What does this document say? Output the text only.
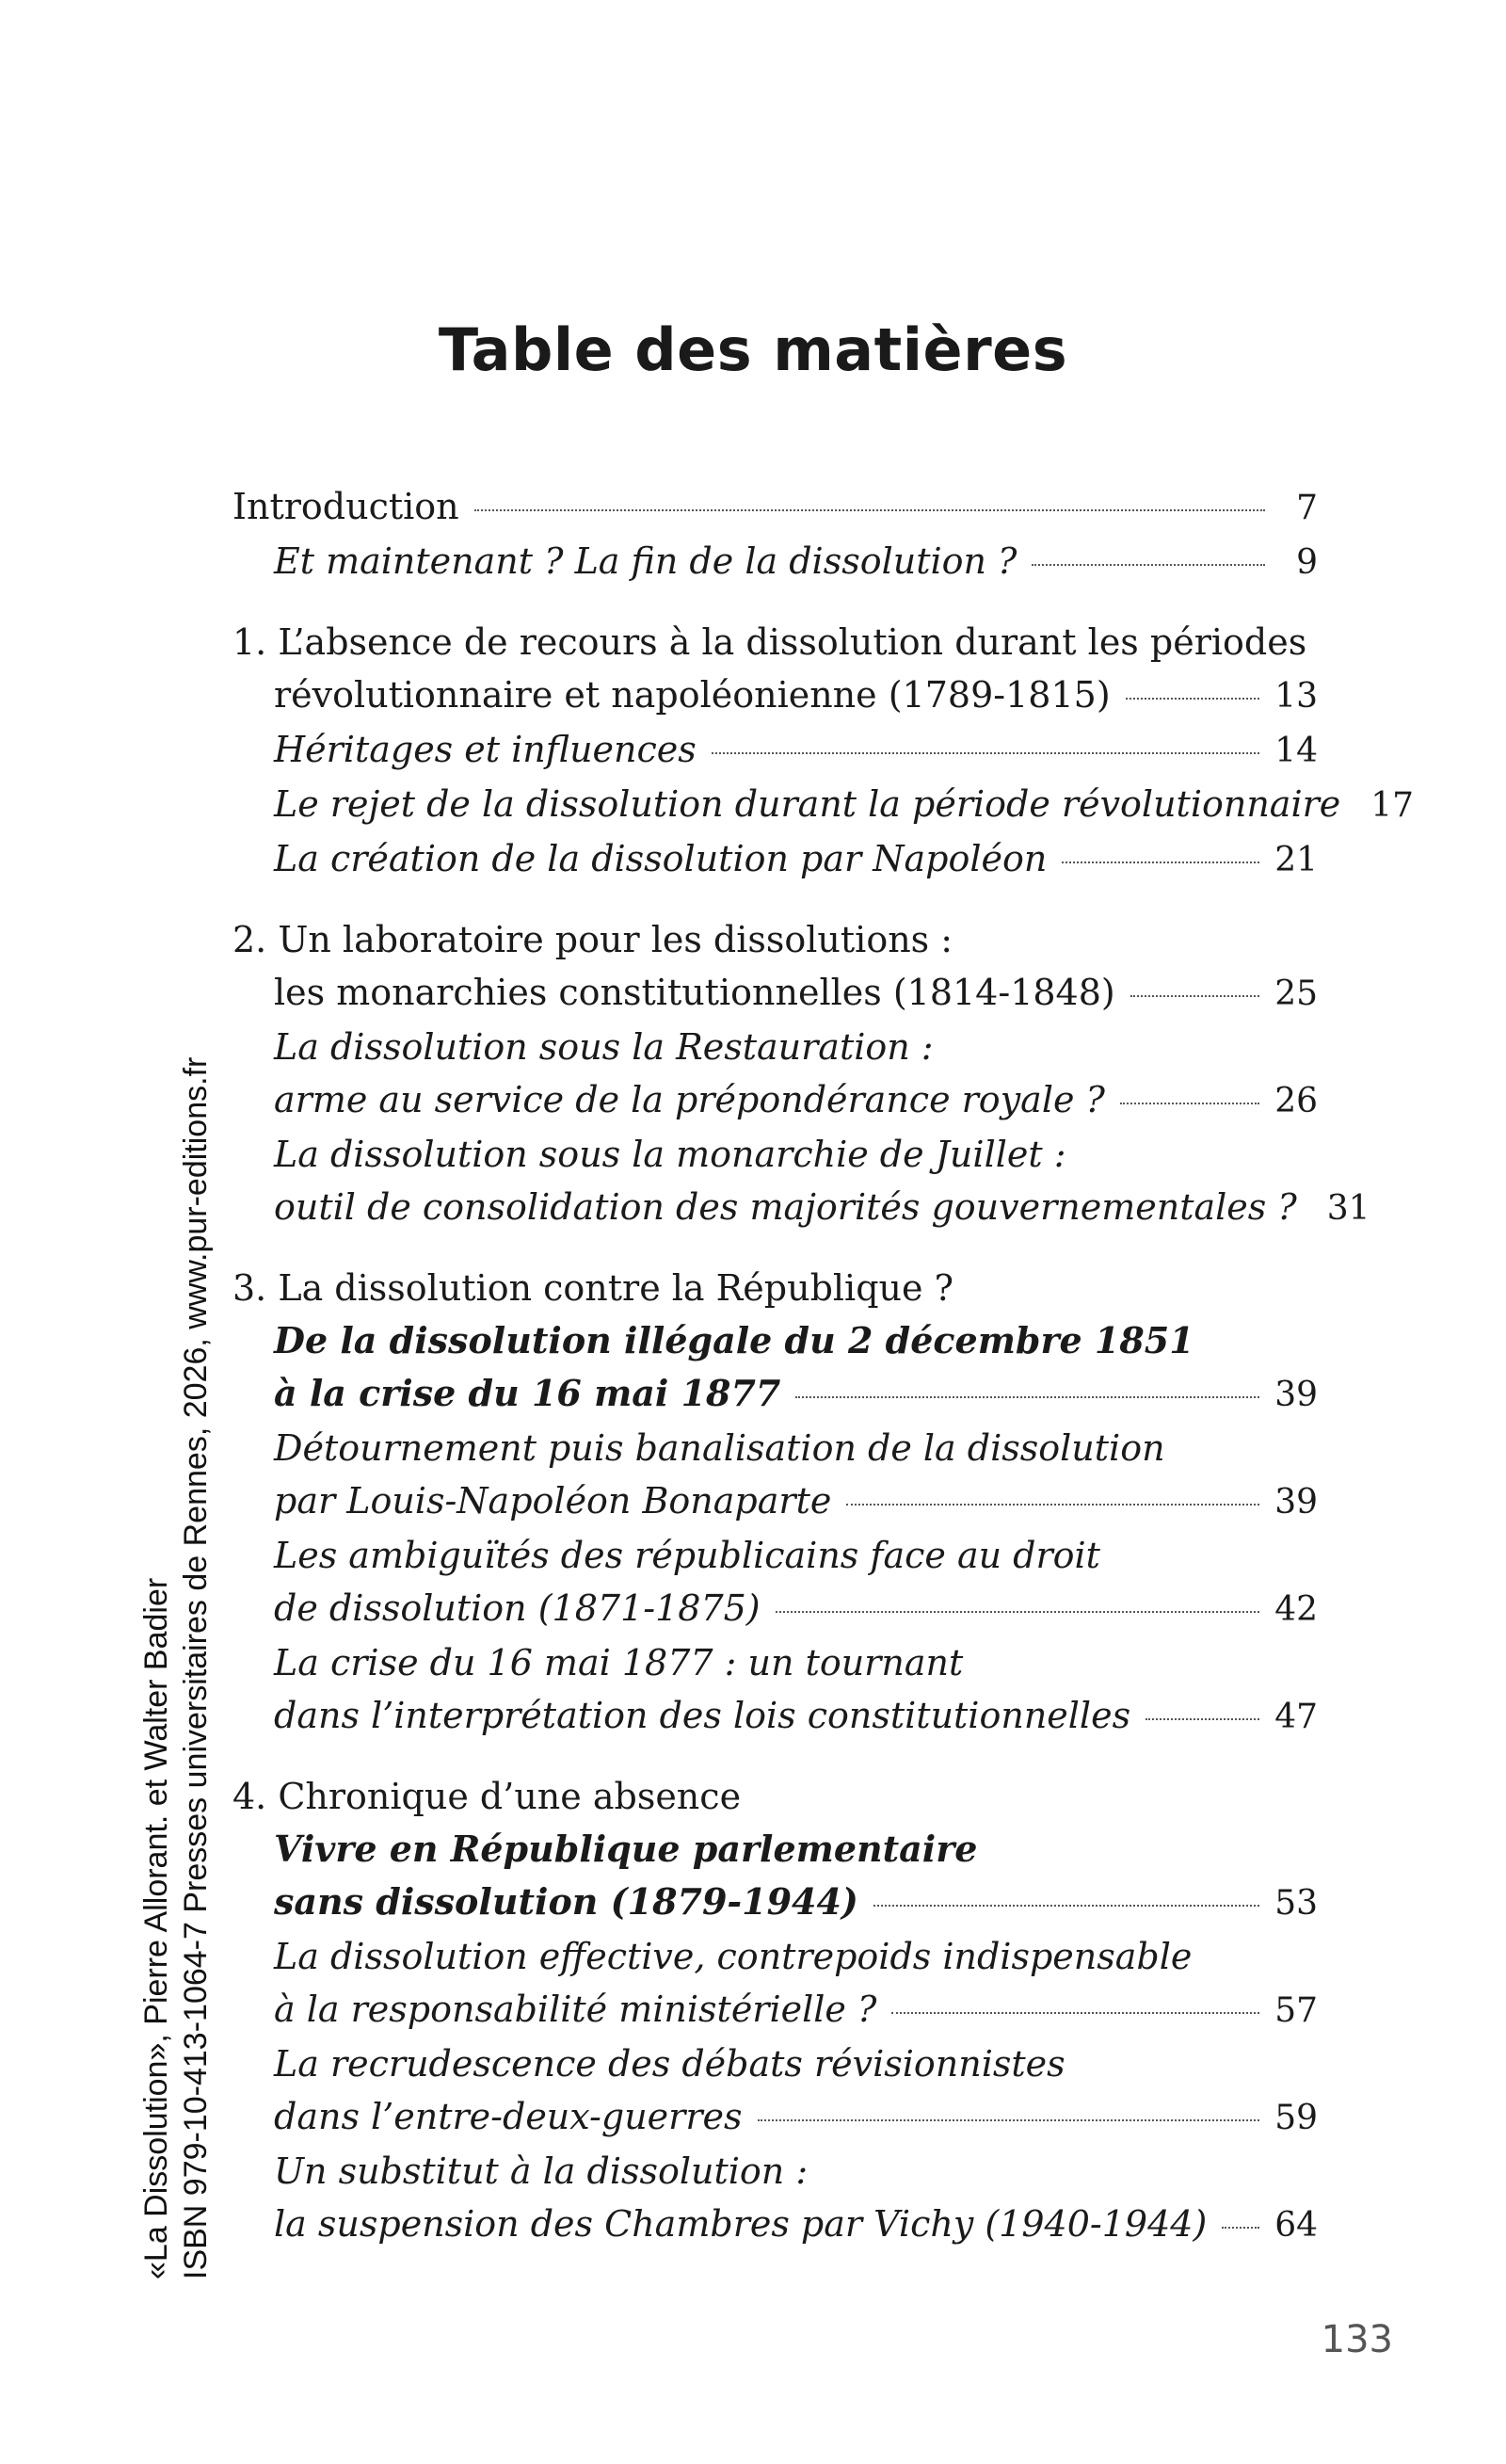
Table des matières
Introduction	7
Et maintenant ? La fin de la dissolution ?	9
1. L’absence de recours à la dissolution durant les périodes
révolutionnaire et napoléonienne (1789-1815)	13
Héritages et influences	14
Le rejet de la dissolution durant la période révolutionnaire 17
La création de la dissolution par Napoléon	21
2. Un laboratoire pour les dissolutions :
les monarchies constitutionnelles (1814-1848)	25
La dissolution sous la Restauration :
arme au service de la prépondérance royale ?	26
La dissolution sous la monarchie de Juillet :
outil de consolidation des majorités gouvernementales ? 31
3. La dissolution contre la République ?
De la dissolution illégale du 2 décembre 1851
à la crise du 16 mai 1877	39
Détournement puis banalisation de la dissolution
par Louis-Napoléon Bonaparte	39
Les ambiguïtés des républicains face au droit
de dissolution (1871-1875)	42
La crise du 16 mai 1877 : un tournant
dans l’interprétation des lois constitutionnelles	47
4. Chronique d’une absence
Vivre en République parlementaire
sans dissolution (1879-1944)	53
La dissolution effective, contrepoids indispensable
à la responsabilité ministérielle ?	57
La recrudescence des débats révisionnistes
dans l’entre-deux-guerres	59
Un substitut à la dissolution :
la suspension des Chambres par Vichy (1940-1944) 64
«La Dissolution», Pierre Allorant. et Walter Badier ISBN 979-10-413-1064-7 Presses universitaires de Rennes, 2026, www.pur-editions.fr
133
